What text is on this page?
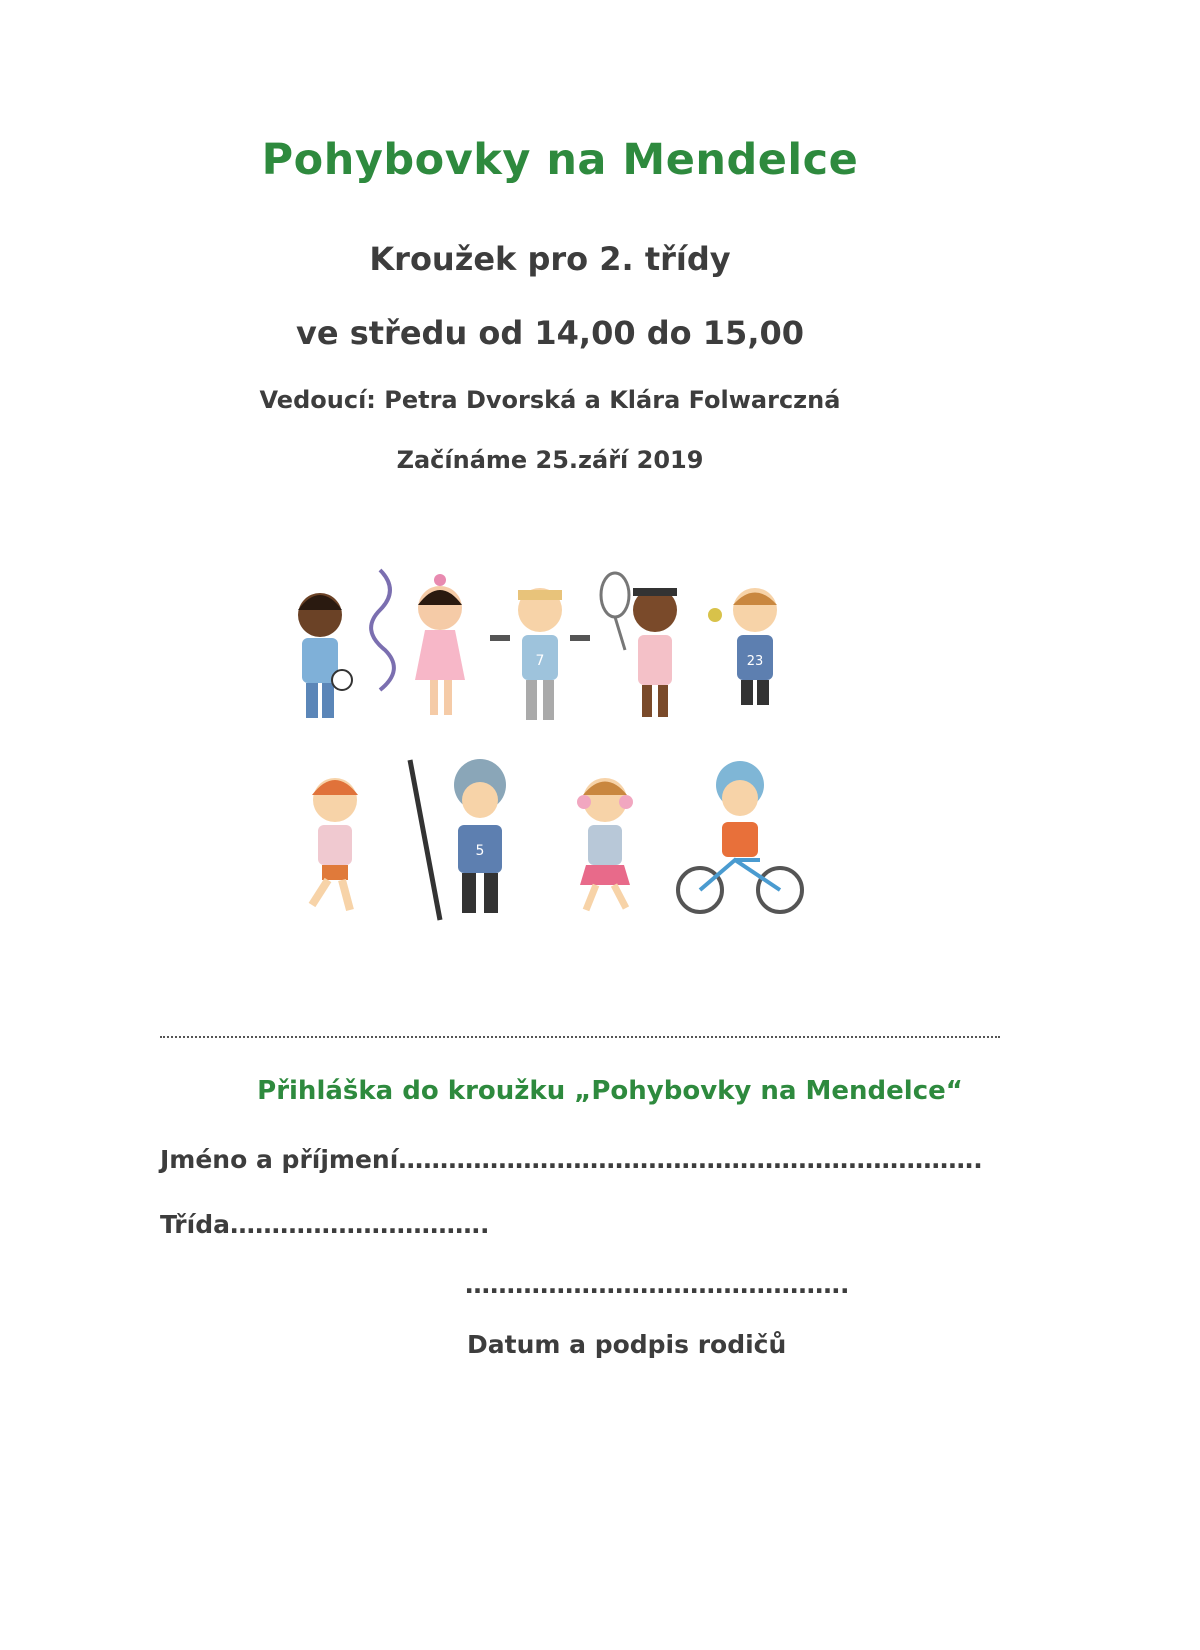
Pohybovky na Mendelce
Kroužek pro 2. třídy
ve středu od 14,00 do 15,00
Vedoucí: Petra Dvorská a Klára Folwarczná
Začínáme 25.září 2019
7	23
5
Přihláška do kroužku „Pohybovky na Mendelce“
Jméno a příjmení…………………………………………………………….
Třída………………………….
……………………………………….
Datum a podpis rodičů
